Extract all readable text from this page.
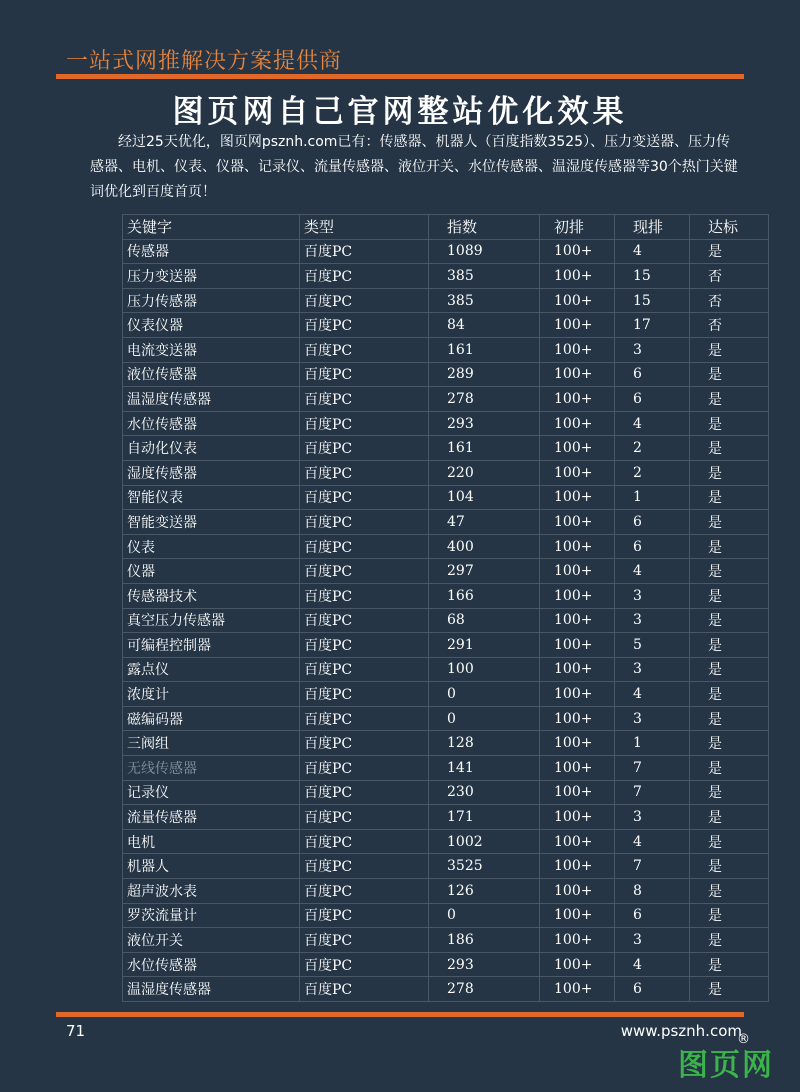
一站式网推解决方案提供商
图页网自己官网整站优化效果
经过25天优化，图页网psznh.com已有：传感器、机器人（百度指数3525）、压力变送器、压力传感器、电机、仪表、仪器、记录仪、流量传感器、液位开关、水位传感器、温湿度传感器等30个热门关键词优化到百度首页！
关键字	类型	指数	初排	现排	达标
传感器	百度PC	1089	100+	4	是
压力变送器	百度PC	385	100+	15	否
压力传感器	百度PC	385	100+	15	否
仪表仪器	百度PC	84	100+	17	否
电流变送器	百度PC	161	100+	3	是
液位传感器	百度PC	289	100+	6	是
温湿度传感器	百度PC	278	100+	6	是
水位传感器	百度PC	293	100+	4	是
自动化仪表	百度PC	161	100+	2	是
湿度传感器	百度PC	220	100+	2	是
智能仪表	百度PC	104	100+	1	是
智能变送器	百度PC	47	100+	6	是
仪表	百度PC	400	100+	6	是
仪器	百度PC	297	100+	4	是
传感器技术	百度PC	166	100+	3	是
真空压力传感器	百度PC	68	100+	3	是
可编程控制器	百度PC	291	100+	5	是
露点仪	百度PC	100	100+	3	是
浓度计	百度PC	0	100+	4	是
磁编码器	百度PC	0	100+	3	是
三阀组	百度PC	128	100+	1	是
无线传感器	百度PC	141	100+	7	是
记录仪	百度PC	230	100+	7	是
流量传感器	百度PC	171	100+	3	是
电机	百度PC	1002	100+	4	是
机器人	百度PC	3525	100+	7	是
超声波水表	百度PC	126	100+	8	是
罗茨流量计	百度PC	0	100+	6	是
液位开关	百度PC	186	100+	3	是
水位传感器	百度PC	293	100+	4	是
温湿度传感器	百度PC	278	100+	6	是
71	www.psznh.com
®
图页网
